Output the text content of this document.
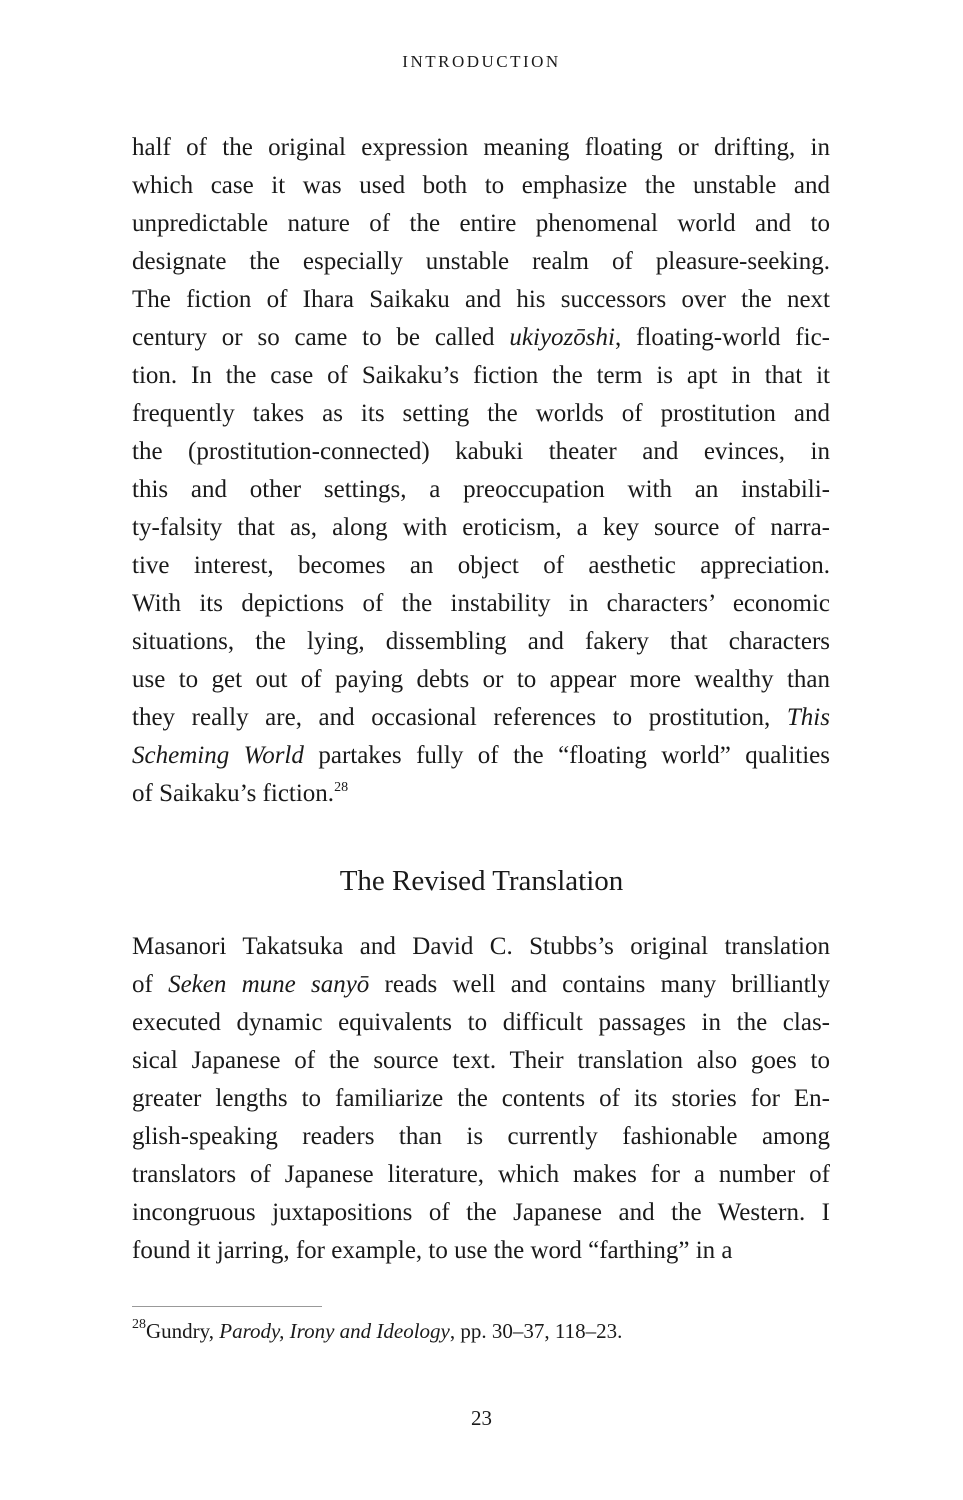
INTRODUCTION
half of the original expression meaning floating or drifting, in
which case it was used both to emphasize the unstable and
unpredictable nature of the entire phenomenal world and to
designate the especially unstable realm of pleasure-seeking.
The fiction of Ihara Saikaku and his successors over the next
century or so came to be called ukiyozōshi, floating-world fic-
tion. In the case of Saikaku’s fiction the term is apt in that it
frequently takes as its setting the worlds of prostitution and
the (prostitution-connected) kabuki theater and evinces, in
this and other settings, a preoccupation with an instabili-
ty-falsity that as, along with eroticism, a key source of narra-
tive interest, becomes an object of aesthetic appreciation.
With its depictions of the instability in characters’ economic
situations, the lying, dissembling and fakery that characters
use to get out of paying debts or to appear more wealthy than
they really are, and occasional references to prostitution, This
Scheming World partakes fully of the “floating world” qualities
of Saikaku’s fiction.$^{28}$
The Revised Translation
Masanori Takatsuka and David C. Stubbs’s original translation
of Seken mune sanyō reads well and contains many brilliantly
executed dynamic equivalents to difficult passages in the clas-
sical Japanese of the source text. Their translation also goes to
greater lengths to familiarize the contents of its stories for En-
glish-speaking readers than is currently fashionable among
translators of Japanese literature, which makes for a number of
incongruous juxtapositions of the Japanese and the Western. I
found it jarring, for example, to use the word “farthing” in a
$^{28}$Gundry, Parody, Irony and Ideology, pp. 30–37, 118–23.
23
